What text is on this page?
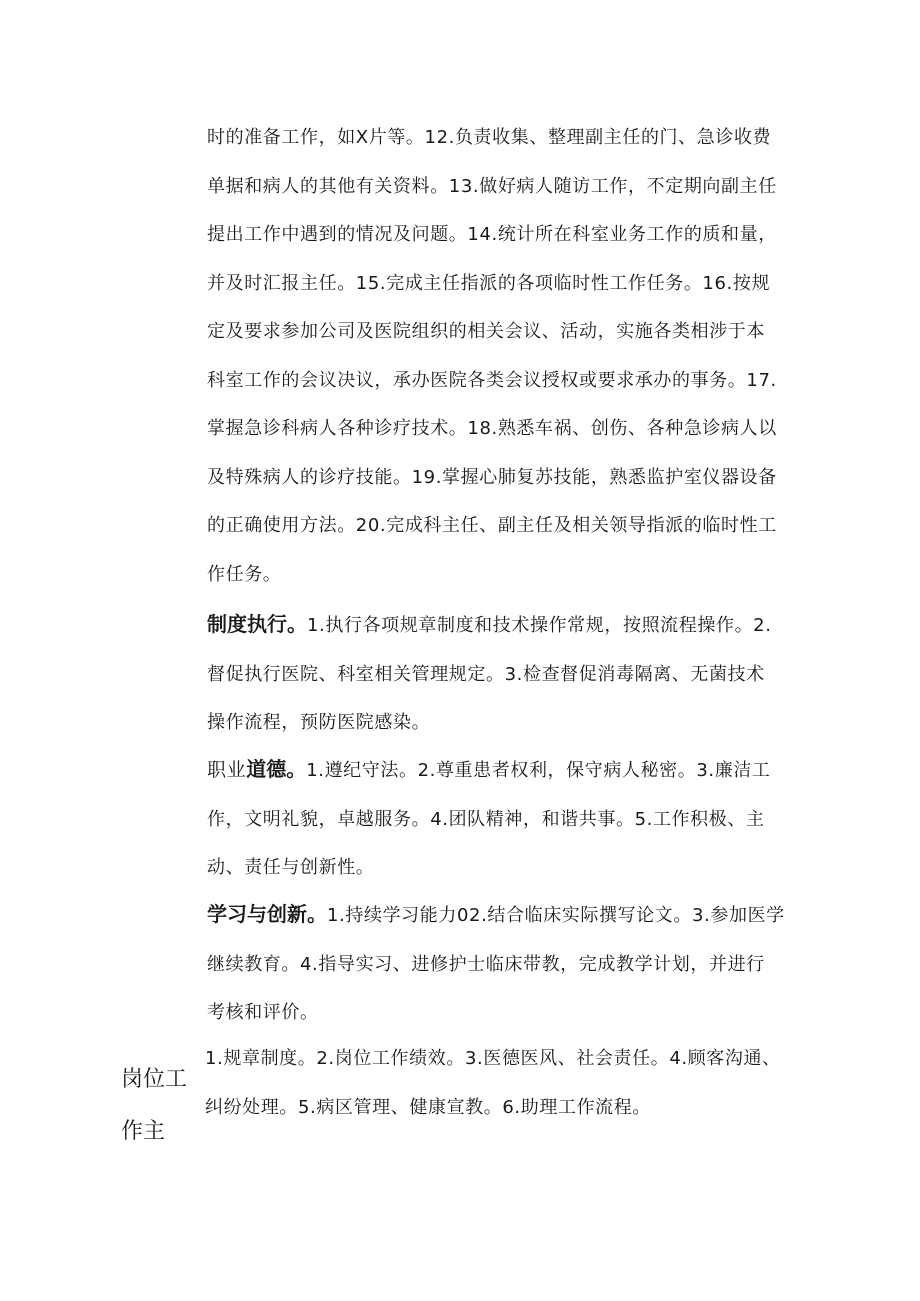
时的准备工作，如X片等。12.负责收集、整理副主任的门、急诊收费
单据和病人的其他有关资料。13.做好病人随访工作，不定期向副主任
提出工作中遇到的情况及问题。14.统计所在科室业务工作的质和量，
并及时汇报主任。15.完成主任指派的各项临时性工作任务。16.按规
定及要求参加公司及医院组织的相关会议、活动，实施各类相涉于本
科室工作的会议决议，承办医院各类会议授权或要求承办的事务。17.
掌握急诊科病人各种诊疗技术。18.熟悉车祸、创伤、各种急诊病人以
及特殊病人的诊疗技能。19.掌握心肺复苏技能，熟悉监护室仪器设备
的正确使用方法。20.完成科主任、副主任及相关领导指派的临时性工
作任务。
制度执行。1.执行各项规章制度和技术操作常规，按照流程操作。2.
督促执行医院、科室相关管理规定。3.检查督促消毒隔离、无菌技术
操作流程，预防医院感染。
职业道德。1.遵纪守法。2.尊重患者权利，保守病人秘密。3.廉洁工
作，文明礼貌，卓越服务。4.团队精神，和谐共事。5.工作积极、主
动、责任与创新性。
学习与创新。1.持续学习能力02.结合临床实际撰写论文。3.参加医学
继续教育。4.指导实习、进修护士临床带教，完成教学计划，并进行
考核和评价。
岗位工
作主
1.规章制度。2.岗位工作绩效。3.医德医风、社会责任。4.顾客沟通、
纠纷处理。5.病区管理、健康宣教。6.助理工作流程。
